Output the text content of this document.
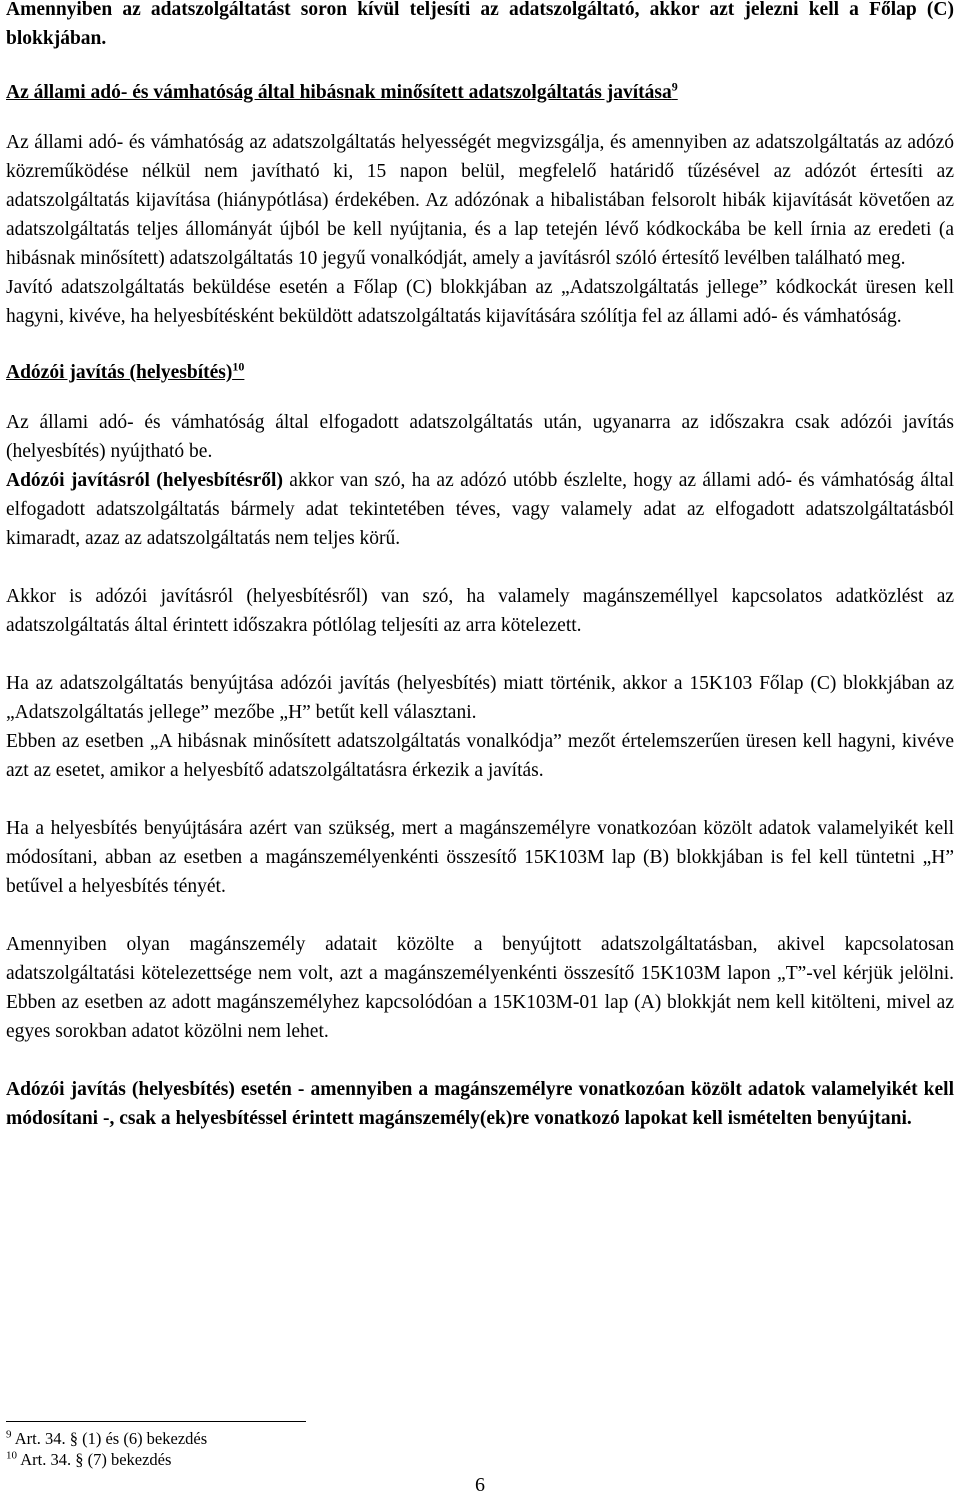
Amennyiben az adatszolgáltatást soron kívül teljesíti az adatszolgáltató, akkor azt jelezni kell a Főlap (C) blokkjában.

Az állami adó- és vámhatóság által hibásnak minősített adatszolgáltatás javítása$^9$

Az állami adó- és vámhatóság az adatszolgáltatás helyességét megvizsgálja, és amennyiben az adatszolgáltatás az adózó közreműködése nélkül nem javítható ki, 15 napon belül, megfelelő határidő tűzésével az adózót értesíti az adatszolgáltatás kijavítása (hiánypótlása) érdekében. Az adózónak a hibalistában felsorolt hibák kijavítását követően az adatszolgáltatás teljes állományát újból be kell nyújtania, és a lap tetején lévő kódkockába be kell írnia az eredeti (a hibásnak minősített) adatszolgáltatás 10 jegyű vonalkódját, amely a javításról szóló értesítő levélben található meg.

Javító adatszolgáltatás beküldése esetén a Főlap (C) blokkjában az „Adatszolgáltatás jellege” kódkockát üresen kell hagyni, kivéve, ha helyesbítésként beküldött adatszolgáltatás kijavítására szólítja fel az állami adó- és vámhatóság.

Adózói javítás (helyesbítés)$^{10}$

Az állami adó- és vámhatóság által elfogadott adatszolgáltatás után, ugyanarra az időszakra csak adózói javítás (helyesbítés) nyújtható be.

Adózói javításról (helyesbítésről) akkor van szó, ha az adózó utóbb észlelte, hogy az állami adó- és vámhatóság által elfogadott adatszolgáltatás bármely adat tekintetében téves, vagy valamely adat az elfogadott adatszolgáltatásból kimaradt, azaz az adatszolgáltatás nem teljes körű.

Akkor is adózói javításról (helyesbítésről) van szó, ha valamely magánszeméllyel kapcsolatos adatközlést az adatszolgáltatás által érintett időszakra pótlólag teljesíti az arra kötelezett.

Ha az adatszolgáltatás benyújtása adózói javítás (helyesbítés) miatt történik, akkor a 15K103 Főlap (C) blokkjában az „Adatszolgáltatás jellege” mezőbe „H” betűt kell választani.

Ebben az esetben „A hibásnak minősített adatszolgáltatás vonalkódja” mezőt értelemszerűen üresen kell hagyni, kivéve azt az esetet, amikor a helyesbítő adatszolgáltatásra érkezik a javítás.

Ha a helyesbítés benyújtására azért van szükség, mert a magánszemélyre vonatkozóan közölt adatok valamelyikét kell módosítani, abban az esetben a magánszemélyenkénti összesítő 15K103M lap (B) blokkjában is fel kell tüntetni „H” betűvel a helyesbítés tényét.

Amennyiben olyan magánszemély adatait közölte a benyújtott adatszolgáltatásban, akivel kapcsolatosan adatszolgáltatási kötelezettsége nem volt, azt a magánszemélyenkénti összesítő 15K103M lapon „T”-vel kérjük jelölni. Ebben az esetben az adott magánszemélyhez kapcsolódóan a 15K103M-01 lap (A) blokkját nem kell kitölteni, mivel az egyes sorokban adatot közölni nem lehet.

Adózói javítás (helyesbítés) esetén - amennyiben a magánszemélyre vonatkozóan közölt adatok valamelyikét kell módosítani -, csak a helyesbítéssel érintett magánszemély(ek)re vonatkozó lapokat kell ismételten benyújtani.

$^9$ Art. 34. § (1) és (6) bekezdés

$^{10}$ Art. 34. § (7) bekezdés

6
